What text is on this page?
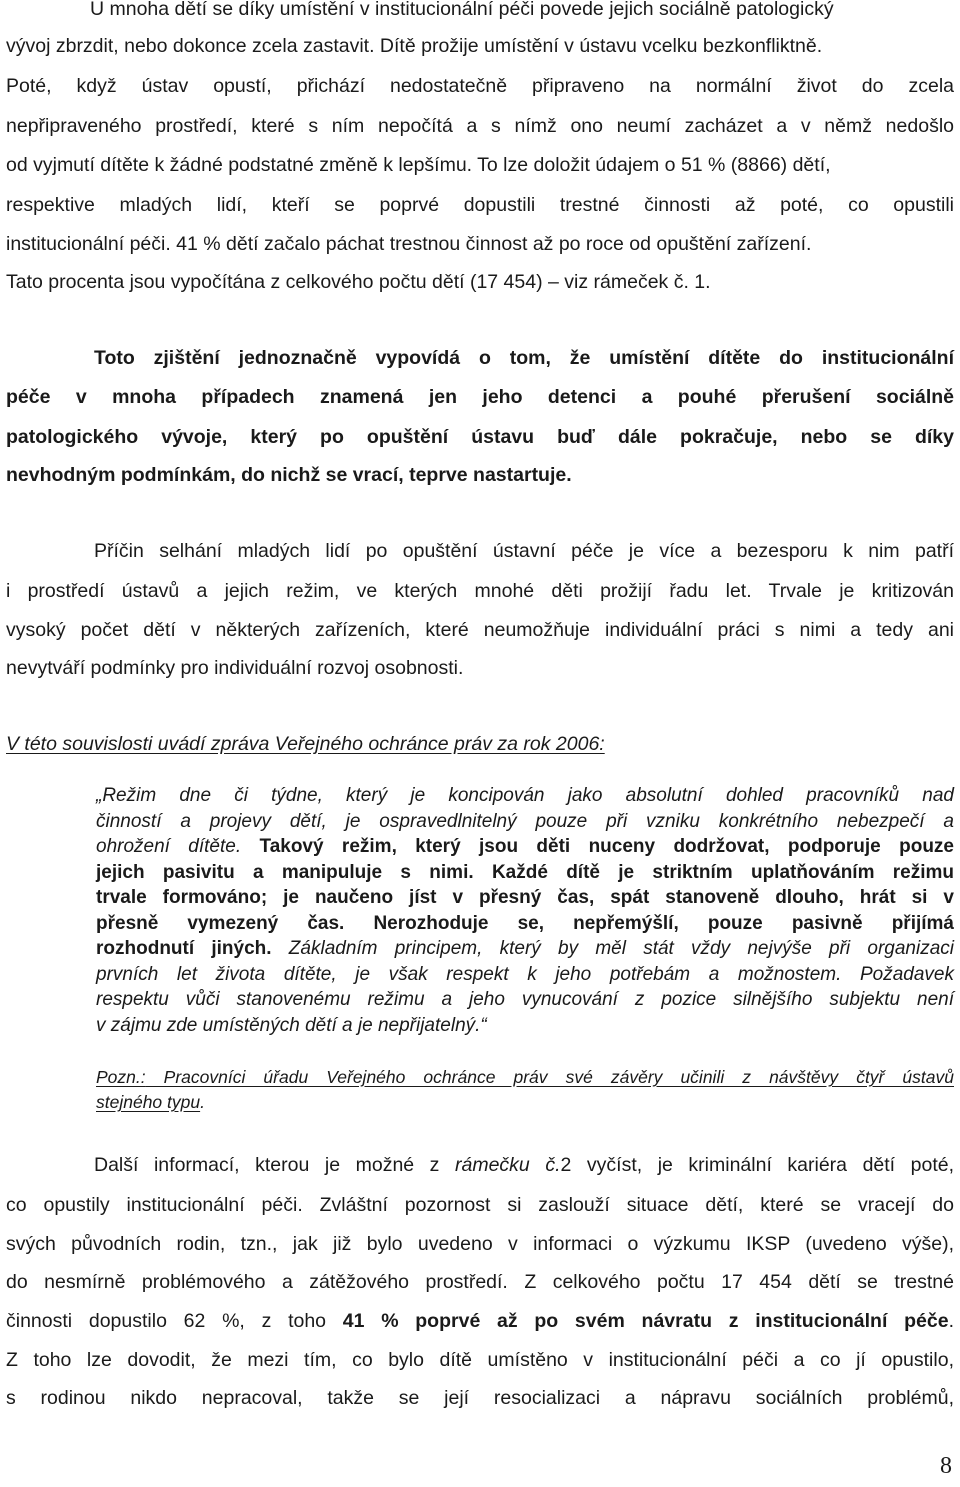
U mnoha dětí se díky umístění v institucionální péči povede jejich sociálně patologický

vývoj zbrzdit, nebo dokonce zcela zastavit. Dítě prožije umístění v ústavu vcelku bezkonfliktně.

Poté, když ústav opustí, přichází nedostatečně připraveno na normální život do zcela

nepřipraveného prostředí, které s ním nepočítá a s nímž ono neumí zacházet a v němž nedošlo

od vyjmutí dítěte k žádné podstatné změně k lepšímu. To lze doložit údajem o 51 % (8866) dětí,

respektive mladých lidí, kteří se poprvé dopustili trestné činnosti až poté, co opustili

institucionální péči. 41 % dětí začalo páchat trestnou činnost až po roce od opuštění zařízení.

Tato procenta jsou vypočítána z celkového počtu dětí (17 454) – viz rámeček č. 1.

Toto zjištění jednoznačně vypovídá o tom, že umístění dítěte do institucionální

péče v mnoha případech znamená jen jeho detenci a pouhé přerušení sociálně

patologického vývoje, který po opuštění ústavu buď dále pokračuje, nebo se díky

nevhodným podmínkám, do nichž se vrací, teprve nastartuje.

Příčin selhání mladých lidí po opuštění ústavní péče je více a bezesporu k nim patří

i prostředí ústavů a jejich režim, ve kterých mnohé děti prožijí řadu let. Trvale je kritizován

vysoký počet dětí v některých zařízeních, které neumožňuje individuální práci s nimi a tedy ani

nevytváří podmínky pro individuální rozvoj osobnosti.

V této souvislosti uvádí zpráva Veřejného ochránce práv za rok 2006:

„Režim dne či týdne, který je koncipován jako absolutní dohled pracovníků nad

činností a projevy dětí, je ospravedlnitelný pouze při vzniku konkrétního nebezpečí a

ohrožení dítěte. Takový režim, který jsou děti nuceny dodržovat, podporuje pouze

jejich pasivitu a manipuluje s nimi. Každé dítě je striktním uplatňováním režimu

trvale formováno; je naučeno jíst v přesný čas, spát stanoveně dlouho, hrát si v

přesně vymezený čas. Nerozhoduje se, nepřemýšlí, pouze pasivně přijímá

rozhodnutí jiných. Základním principem, který by měl stát vždy nejvýše při organizaci

prvních let života dítěte, je však respekt k jeho potřebám a možnostem. Požadavek

respektu vůči stanovenému režimu a jeho vynucování z pozice silnějšího subjektu není

v zájmu zde umístěných dětí a je nepřijatelný.“

Pozn.: Pracovníci úřadu Veřejného ochránce práv své závěry učinili z návštěvy čtyř ústavů

stejného typu.

Další informací, kterou je možné z rámečku č.2 vyčíst, je kriminální kariéra dětí poté,

co opustily institucionální péči. Zvláštní pozornost si zaslouží situace dětí, které se vracejí do

svých původních rodin, tzn., jak již bylo uvedeno v informaci o výzkumu IKSP (uvedeno výše),

do nesmírně problémového a zátěžového prostředí. Z celkového počtu 17 454 dětí se trestné

činnosti dopustilo 62 %, z toho 41 % poprvé až po svém návratu z institucionální péče.

Z toho lze dovodit, že mezi tím, co bylo dítě umístěno v institucionální péči a co jí opustilo,

s rodinou nikdo nepracoval, takže se její resocializaci a nápravu sociálních problémů,

8
